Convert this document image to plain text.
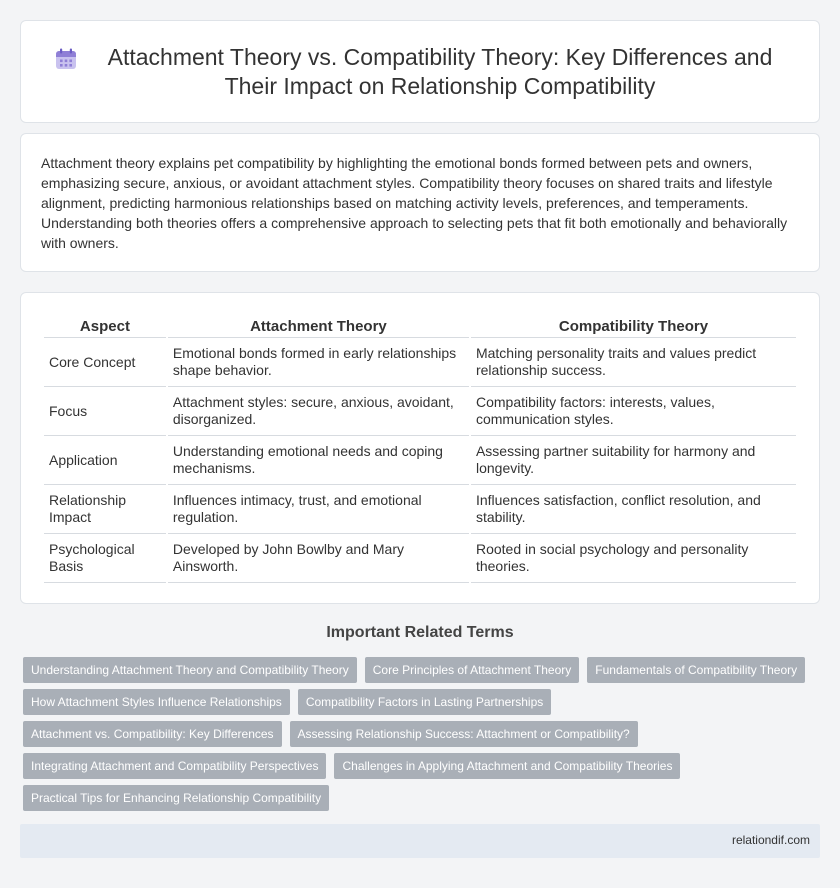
Attachment Theory vs. Compatibility Theory: Key Differences and Their Impact on Relationship Compatibility

Attachment theory explains pet compatibility by highlighting the emotional bonds formed between pets and owners, emphasizing secure, anxious, or avoidant attachment styles. Compatibility theory focuses on shared traits and lifestyle alignment, predicting harmonious relationships based on matching activity levels, preferences, and temperaments. Understanding both theories offers a comprehensive approach to selecting pets that fit both emotionally and behaviorally with owners.

Aspect	Attachment Theory	Compatibility Theory
Core Concept	Emotional bonds formed in early relationships shape behavior.	Matching personality traits and values predict relationship success.
Focus	Attachment styles: secure, anxious, avoidant, disorganized.	Compatibility factors: interests, values, communication styles.
Application	Understanding emotional needs and coping mechanisms.	Assessing partner suitability for harmony and longevity.
Relationship Impact	Influences intimacy, trust, and emotional regulation.	Influences satisfaction, conflict resolution, and stability.
Psychological Basis	Developed by John Bowlby and Mary Ainsworth.	Rooted in social psychology and personality theories.
Important Related Terms
Understanding Attachment Theory and Compatibility Theory	Core Principles of Attachment Theory	Fundamentals of Compatibility Theory
How Attachment Styles Influence Relationships	Compatibility Factors in Lasting Partnerships
Attachment vs. Compatibility: Key Differences	Assessing Relationship Success: Attachment or Compatibility?
Integrating Attachment and Compatibility Perspectives	Challenges in Applying Attachment and Compatibility Theories
Practical Tips for Enhancing Relationship Compatibility
relationdif.com
